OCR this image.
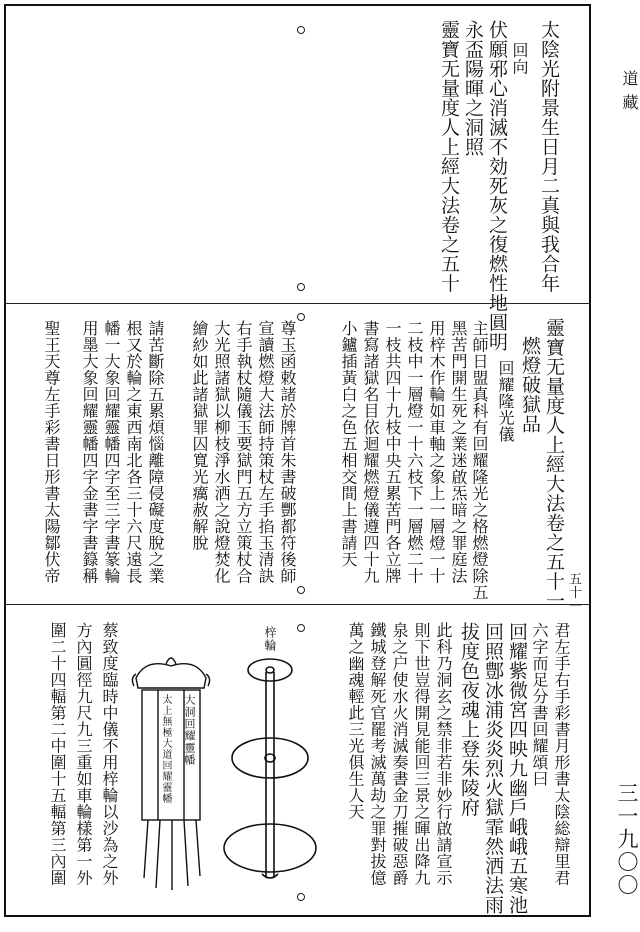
道藏
三一九〇〇
太陰光附景生日月二真與我合年
回向
伏願邪心消滅不効死灰之復燃性地圓明
永盃陽暉之洞照
靈寶无量度人上經大法卷之五十
靈寶无量度人上經大法卷之五十一 五十一
燃燈破獄品
回耀隆光儀
主師日盟真科有回耀隆光之格燃燈除五
黑苦門開生死之業迷啟炁暗之罪庭法
用梓木作輪如車軸之象上一層燈一十
二枝中一層燈一十六枝下一層燃二十
一枝共四十九枝中央五累苦門各立牌
書寫諸獄名目依迴耀燃燈儀遵四十九
小鑪插黃白之色五相交間上書請天
尊玉函敕諸於牌首朱書破酆都符後師
宣讀燃燈大法師持策杖左手掐玉清訣
右手執杖隨儀玉要獄門五方立策杖合
大光照諸獄以柳枝淨水洒之說燈焚化
繪紗如此諸獄罪囚寬光癘赦解脫
請苦斷除五累煩惱離障侵礙度脫之業
根又於輪之東西南北各三十六尺遠長
幡一大象回耀靈幡四字至三字書篆輪
用墨大象回耀靈幡四字金書字書籙稱
聖王天尊左手彩書日形書太陽鄒伏帝
君左手右手彩書月形書太陰総辯里君
六字而足分書回耀頌曰
回耀紫微宮四映九幽戶峨峨五寒池
回照鄷冰浦炎炎烈火獄霏然洒法雨
拔度色夜魂上登朱陵府
此科乃洞玄之禁非若非妙行啟請宣示
則下世豈得開見能回三景之暉出降九
泉之户使水火消滅奏書金刀摧破惡爵
鐵城登解死官罷考滅萬劫之罪對拔億
萬之幽魂輕此三光俱生人天
梓輪
大洞回耀靈幡
太上無極大道回耀靈幡
蔡致度臨時中儀不用梓輪以沙為之外
方內圓徑九尺九三重如車輪樣第一外
圍二十四輻第二中圍十五輻第三內圍
